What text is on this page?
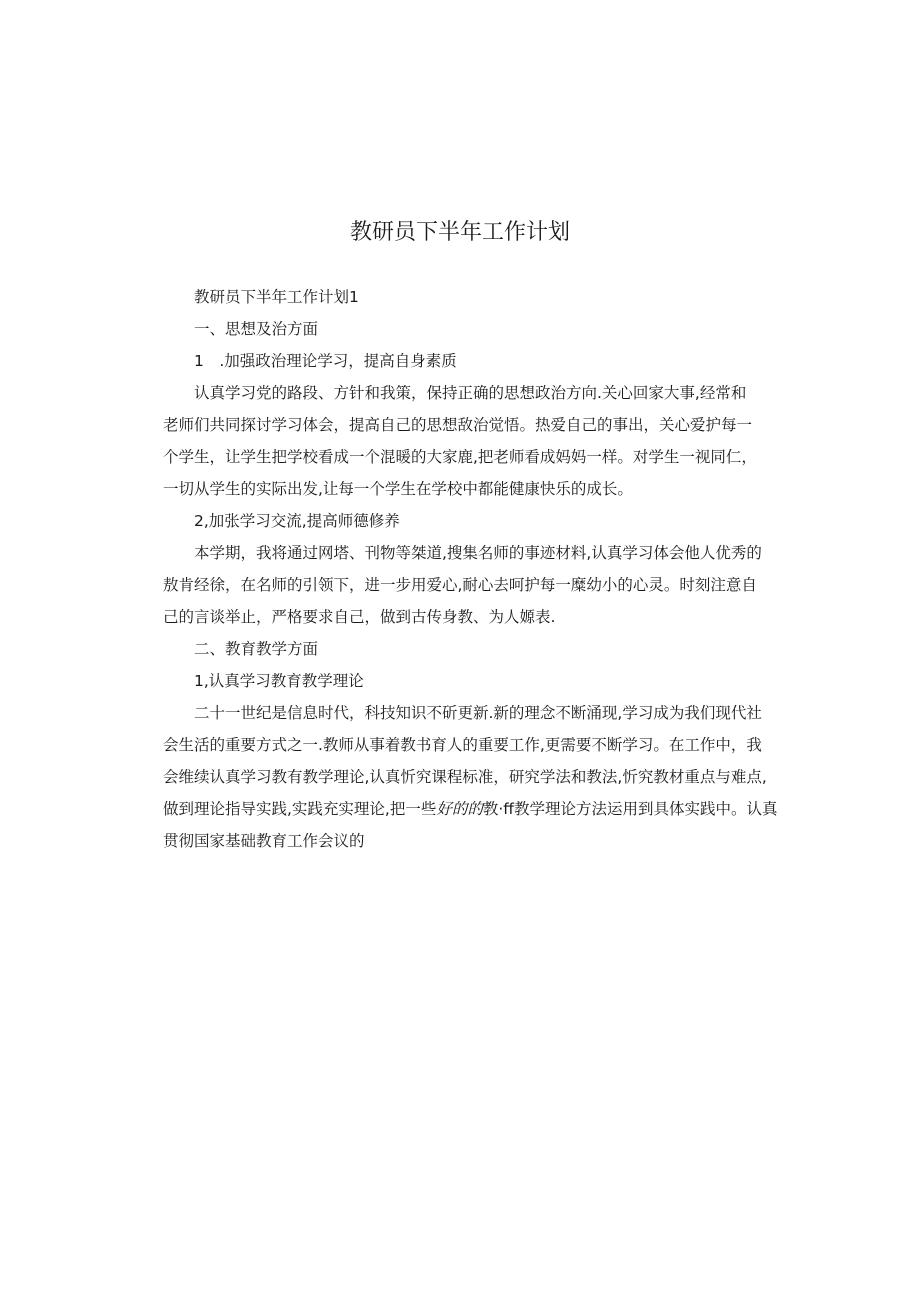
教研员下半年工作计划

教研员下半年工作计划1

一、思想及治方面

1　.加强政治理论学习，提高自身素质

认真学习党的路段、方针和我策，保持正确的思想政治方向.关心回家大事,经常和

老师们共同探讨学习体会，提高自己的思想敌治觉悟。热爱自己的事出，关心爱护每一

个学生，让学生把学校看成一个混暖的大家鹿,把老师看成妈妈一样。对学生一视同仁，

一切从学生的实际出发,让每一个学生在学校中都能健康快乐的成长。

2,加张学习交流,提高师德修养

本学期，我将通过网塔、刊物等桀道,搜集名师的事迹材料,认真学习体会他人优秀的

敖肯经徐，在名师的引领下，进一步用爱心,耐心去呵护每一糜幼小的心灵。时刻注意自

己的言谈举止，严格要求自己，做到古传身教、为人嫄表.

二、教育教学方面

1,认真学习教育教学理论

二十一世纪是信息时代，科技知识不斫更新.新的理念不断涌现,学习成为我们现代社

会生活的重要方式之一.教师从事着教书育人的重要工作,更需要不断学习。在工作中，我

会维续认真学习教有教学理论,认真忻究课程标准，研究学法和教法,忻究教材重点与难点,

做到理论指导实践,实践充实理论,把一些好的的教·ff教学理论方法运用到具体实践中。认真

贯彻国家基础教育工作会议的
